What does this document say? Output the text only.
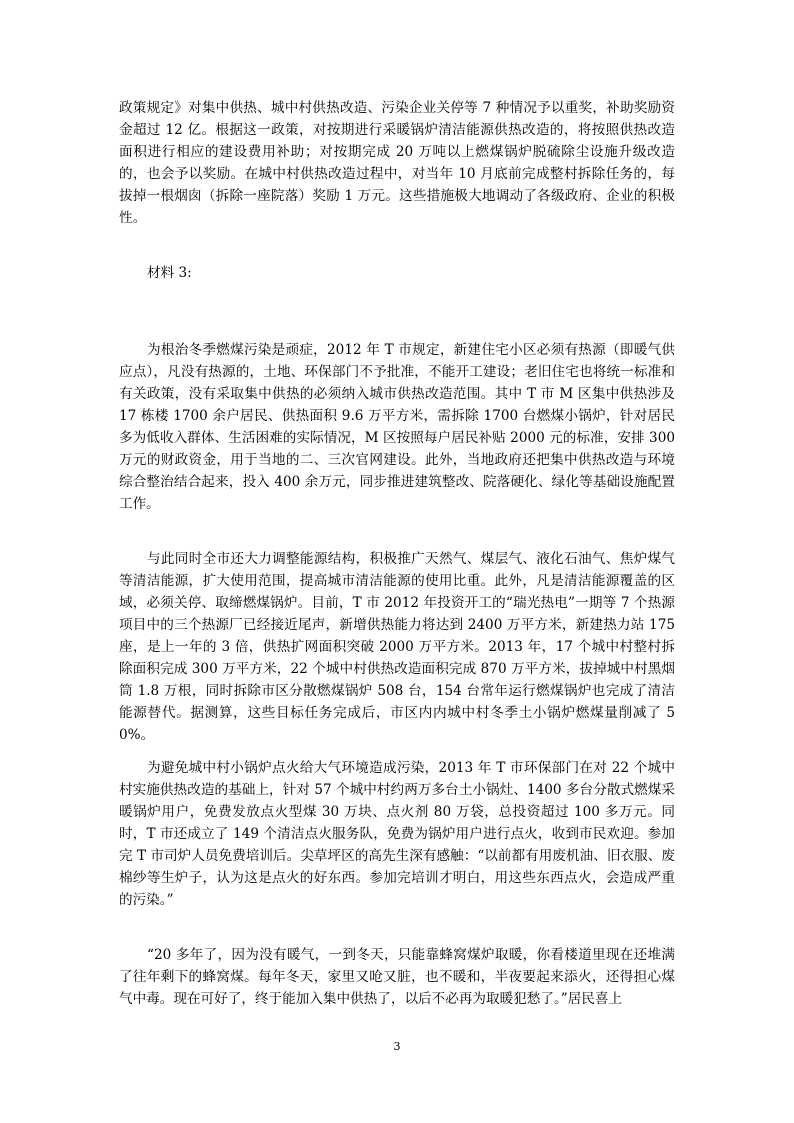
政策规定》对集中供热、城中村供热改造、污染企业关停等 7 种情况予以重奖，补助奖励资金超过 12 亿。根据这一政策，对按期进行采暖锅炉清洁能源供热改造的，将按照供热改造面积进行相应的建设费用补助；对按期完成 20 万吨以上燃煤锅炉脱硫除尘设施升级改造的，也会予以奖励。在城中村供热改造过程中，对当年 10 月底前完成整村拆除任务的，每拔掉一根烟囱（拆除一座院落）奖励 1 万元。这些措施极大地调动了各级政府、企业的积极性。

材料 3:

为根治冬季燃煤污染是顽症，2012 年 T 市规定，新建住宅小区必须有热源（即暖气供应点），凡没有热源的，土地、环保部门不予批准，不能开工建设；老旧住宅也将统一标准和有关政策，没有采取集中供热的必须纳入城市供热改造范围。其中 T 市 M 区集中供热涉及 17 栋楼 1700 余户居民、供热面积 9.6 万平方米，需拆除 1700 台燃煤小锅炉，针对居民多为低收入群体、生活困难的实际情况，M 区按照每户居民补贴 2000 元的标准，安排 300 万元的财政资金，用于当地的二、三次官网建设。此外，当地政府还把集中供热改造与环境综合整治结合起来，投入 400 余万元，同步推进建筑整改、院落硬化、绿化等基础设施配置工作。

与此同时全市还大力调整能源结构，积极推广天然气、煤层气、液化石油气、焦炉煤气等清洁能源，扩大使用范围，提高城市清洁能源的使用比重。此外，凡是清洁能源覆盖的区域，必须关停、取缔燃煤锅炉。目前，T 市 2012 年投资开工的“瑞光热电”一期等 7 个热源项目中的三个热源厂已经接近尾声，新增供热能力将达到 2400 万平方米，新建热力站 175 座，是上一年的 3 倍，供热扩网面积突破 2000 万平方米。2013 年，17 个城中村整村拆除面积完成 300 万平方米，22 个城中村供热改造面积完成 870 万平方米，拔掉城中村黑烟筒 1.8 万根，同时拆除市区分散燃煤锅炉 508 台，154 台常年运行燃煤锅炉也完成了清洁能源替代。据测算，这些目标任务完成后，市区内内城中村冬季土小锅炉燃煤量削减了 50%。

为避免城中村小锅炉点火给大气环境造成污染，2013 年 T 市环保部门在对 22 个城中村实施供热改造的基础上，针对 57 个城中村约两万多台土小锅灶、1400 多台分散式燃煤采暖锅炉用户，免费发放点火型煤 30 万块、点火剂 80 万袋，总投资超过 100 多万元。同时，T 市还成立了 149 个清洁点火服务队，免费为锅炉用户进行点火，收到市民欢迎。参加完 T 市司炉人员免费培训后。尖草坪区的高先生深有感触：“以前都有用废机油、旧衣服、废棉纱等生炉子，认为这是点火的好东西。参加完培训才明白，用这些东西点火，会造成严重的污染。”

“20 多年了，因为没有暖气，一到冬天，只能靠蜂窝煤炉取暖，你看楼道里现在还堆满了往年剩下的蜂窝煤。每年冬天，家里又呛又脏，也不暖和，半夜要起来添火，还得担心煤气中毒。现在可好了，终于能加入集中供热了，以后不必再为取暖犯愁了。”居民喜上

3
